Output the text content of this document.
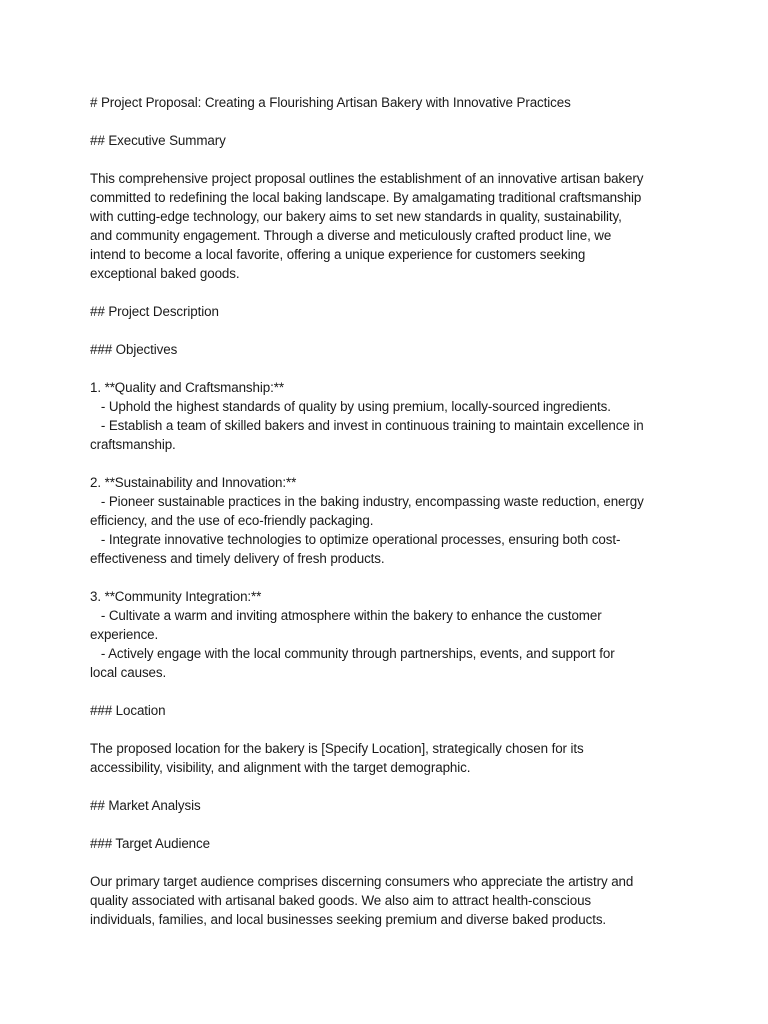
# Project Proposal: Creating a Flourishing Artisan Bakery with Innovative Practices
## Executive Summary
This comprehensive project proposal outlines the establishment of an innovative artisan bakery
committed to redefining the local baking landscape. By amalgamating traditional craftsmanship
with cutting-edge technology, our bakery aims to set new standards in quality, sustainability,
and community engagement. Through a diverse and meticulously crafted product line, we
intend to become a local favorite, offering a unique experience for customers seeking
exceptional baked goods.
## Project Description
### Objectives
1. **Quality and Craftsmanship:**
- Uphold the highest standards of quality by using premium, locally-sourced ingredients.
- Establish a team of skilled bakers and invest in continuous training to maintain excellence in
craftsmanship.
2. **Sustainability and Innovation:**
- Pioneer sustainable practices in the baking industry, encompassing waste reduction, energy
efficiency, and the use of eco-friendly packaging.
- Integrate innovative technologies to optimize operational processes, ensuring both cost-
effectiveness and timely delivery of fresh products.
3. **Community Integration:**
- Cultivate a warm and inviting atmosphere within the bakery to enhance the customer
experience.
- Actively engage with the local community through partnerships, events, and support for
local causes.
### Location
The proposed location for the bakery is [Specify Location], strategically chosen for its
accessibility, visibility, and alignment with the target demographic.
## Market Analysis
### Target Audience
Our primary target audience comprises discerning consumers who appreciate the artistry and
quality associated with artisanal baked goods. We also aim to attract health-conscious
individuals, families, and local businesses seeking premium and diverse baked products.
